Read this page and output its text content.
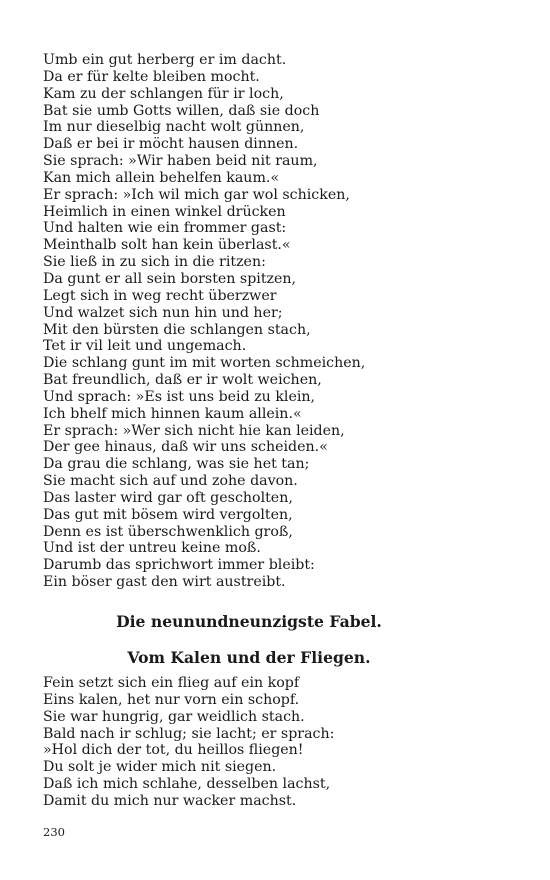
Umb ein gut herberg er im dacht.
Da er für kelte bleiben mocht.
Kam zu der schlangen für ir loch,
Bat sie umb Gotts willen, daß sie doch
Im nur dieselbig nacht wolt günnen,
Daß er bei ir möcht hausen dinnen.
Sie sprach: »Wir haben beid nit raum,
Kan mich allein behelfen kaum.«
Er sprach: »Ich wil mich gar wol schicken,
Heimlich in einen winkel drücken
Und halten wie ein frommer gast:
Meinthalb solt han kein überlast.«
Sie ließ in zu sich in die ritzen:
Da gunt er all sein borsten spitzen,
Legt sich in weg recht überzwer
Und walzet sich nun hin und her;
Mit den bürsten die schlangen stach,
Tet ir vil leit und ungemach.
Die schlang gunt im mit worten schmeichen,
Bat freundlich, daß er ir wolt weichen,
Und sprach: »Es ist uns beid zu klein,
Ich bhelf mich hinnen kaum allein.«
Er sprach: »Wer sich nicht hie kan leiden,
Der gee hinaus, daß wir uns scheiden.«
Da grau die schlang, was sie het tan;
Sie macht sich auf und zohe davon.
Das laster wird gar oft gescholten,
Das gut mit bösem wird vergolten,
Denn es ist überschwenklich groß,
Und ist der untreu keine moß.
Darumb das sprichwort immer bleibt:
Ein böser gast den wirt austreibt.
Die neunundneunzigste Fabel.
Vom Kalen und der Fliegen.
Fein setzt sich ein flieg auf ein kopf
Eins kalen, het nur vorn ein schopf.
Sie war hungrig, gar weidlich stach.
Bald nach ir schlug; sie lacht; er sprach:
»Hol dich der tot, du heillos fliegen!
Du solt je wider mich nit siegen.
Daß ich mich schlahe, desselben lachst,
Damit du mich nur wacker machst.
230
